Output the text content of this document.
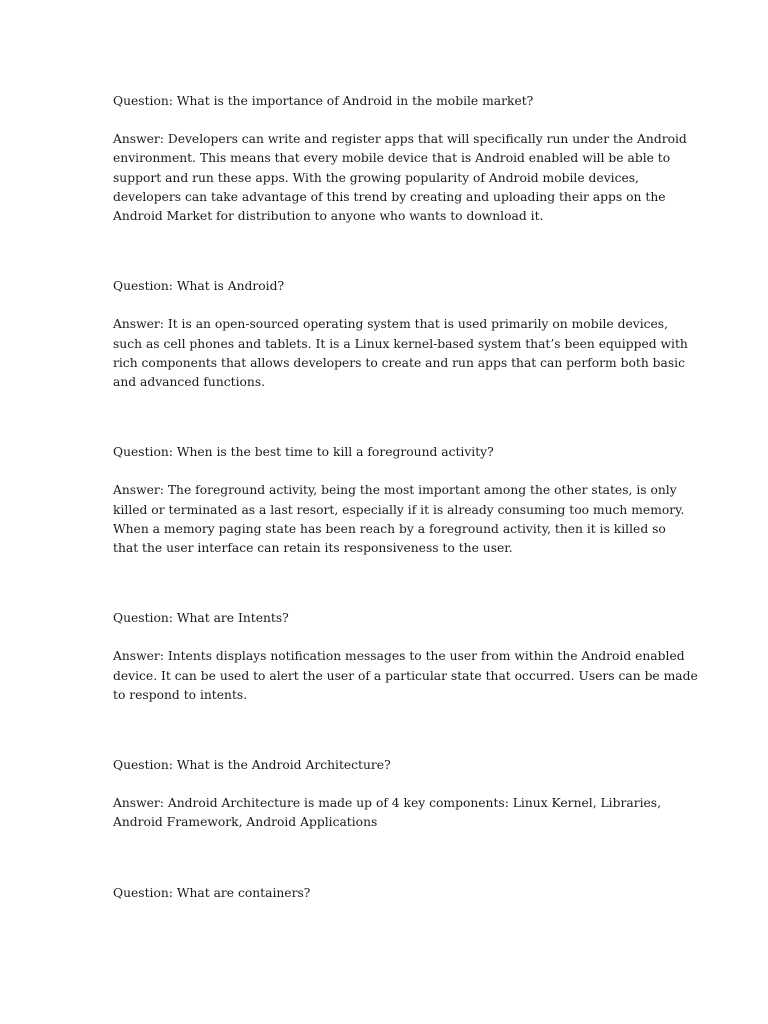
Question: What is the importance of Android in the mobile market?
Answer: Developers can write and register apps that will specifically run under the Android
environment. This means that every mobile device that is Android enabled will be able to
support and run these apps. With the growing popularity of Android mobile devices,
developers can take advantage of this trend by creating and uploading their apps on the
Android Market for distribution to anyone who wants to download it.
Question: What is Android?
Answer: It is an open-sourced operating system that is used primarily on mobile devices,
such as cell phones and tablets. It is a Linux kernel-based system that’s been equipped with
rich components that allows developers to create and run apps that can perform both basic
and advanced functions.
Question: When is the best time to kill a foreground activity?
Answer: The foreground activity, being the most important among the other states, is only
killed or terminated as a last resort, especially if it is already consuming too much memory.
When a memory paging state has been reach by a foreground activity, then it is killed so
that the user interface can retain its responsiveness to the user.
Question: What are Intents?
Answer: Intents displays notification messages to the user from within the Android enabled
device. It can be used to alert the user of a particular state that occurred. Users can be made
to respond to intents.
Question: What is the Android Architecture?
Answer: Android Architecture is made up of 4 key components: Linux Kernel, Libraries,
Android Framework, Android Applications
Question: What are containers?
